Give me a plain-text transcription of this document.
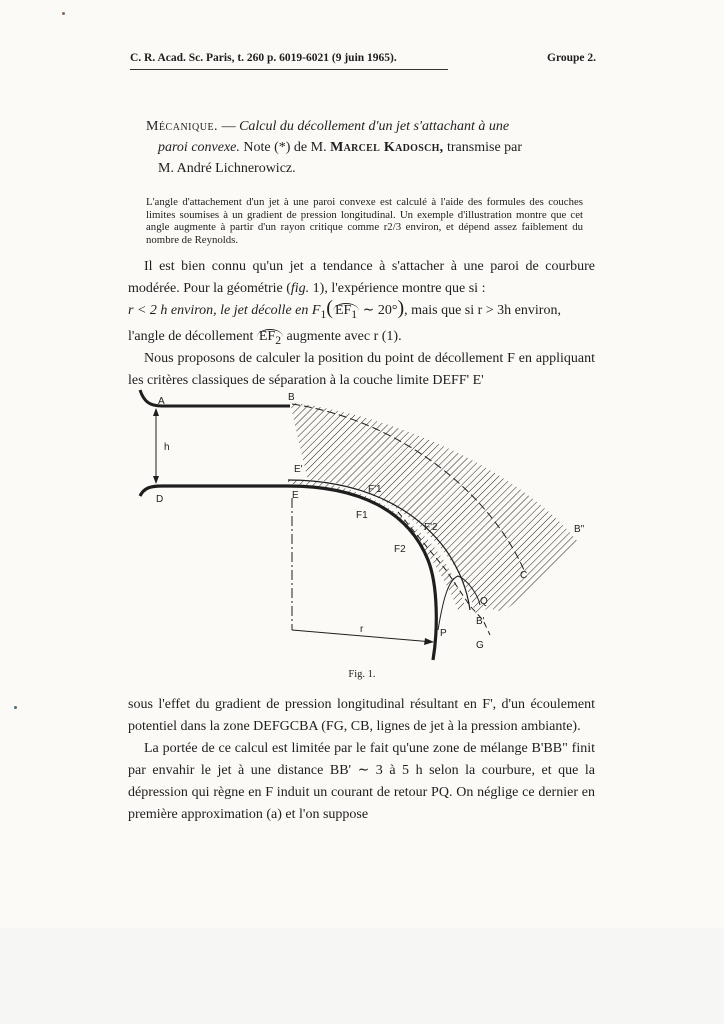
C. R. Acad. Sc. Paris, t. 260 p. 6019-6021 (9 juin 1965).	Groupe 2.
Mécanique. — Calcul du décollement d'un jet s'attachant à une
paroi convexe. Note (*) de M. Marcel Kadosch, transmise par
M. André Lichnerowicz.
L'angle d'attachement d'un jet à une paroi convexe est calculé à l'aide des formules des couches limites soumises à un gradient de pression longitudinal. Un exemple d'illustration montre que cet angle augmente à partir d'un rayon critique comme r2/3 environ, et dépend assez faiblement du nombre de Reynolds.

Il est bien connu qu'un jet a tendance à s'attacher à une paroi de courbure modérée. Pour la géométrie (fig. 1), l'expérience montre que si :

r < 2 h environ, le jet décolle en $F_1$( $EF_1$ ∼ 20°), mais que si r > 3h environ,

l'angle de décollement $EF_2$ augmente avec r (1).

Nous proposons de calculer la position du point de décollement F en appliquant les critères classiques de séparation à la couche limite DEFF' E'

A	B
h
D	E
E'
F'1
F1
F'2
F2
B"
C
Q
B'
P
G
r
Fig. 1.

sous l'effet du gradient de pression longitudinal résultant en F', d'un écoulement potentiel dans la zone DEFGCBA (FG, CB, lignes de jet à la pression ambiante).

La portée de ce calcul est limitée par le fait qu'une zone de mélange B'BB" finit par envahir le jet à une distance BB' ∼ 3 à 5 h selon la courbure, et que la dépression qui règne en F induit un courant de retour PQ. On néglige ce dernier en première approximation (a) et l'on suppose
